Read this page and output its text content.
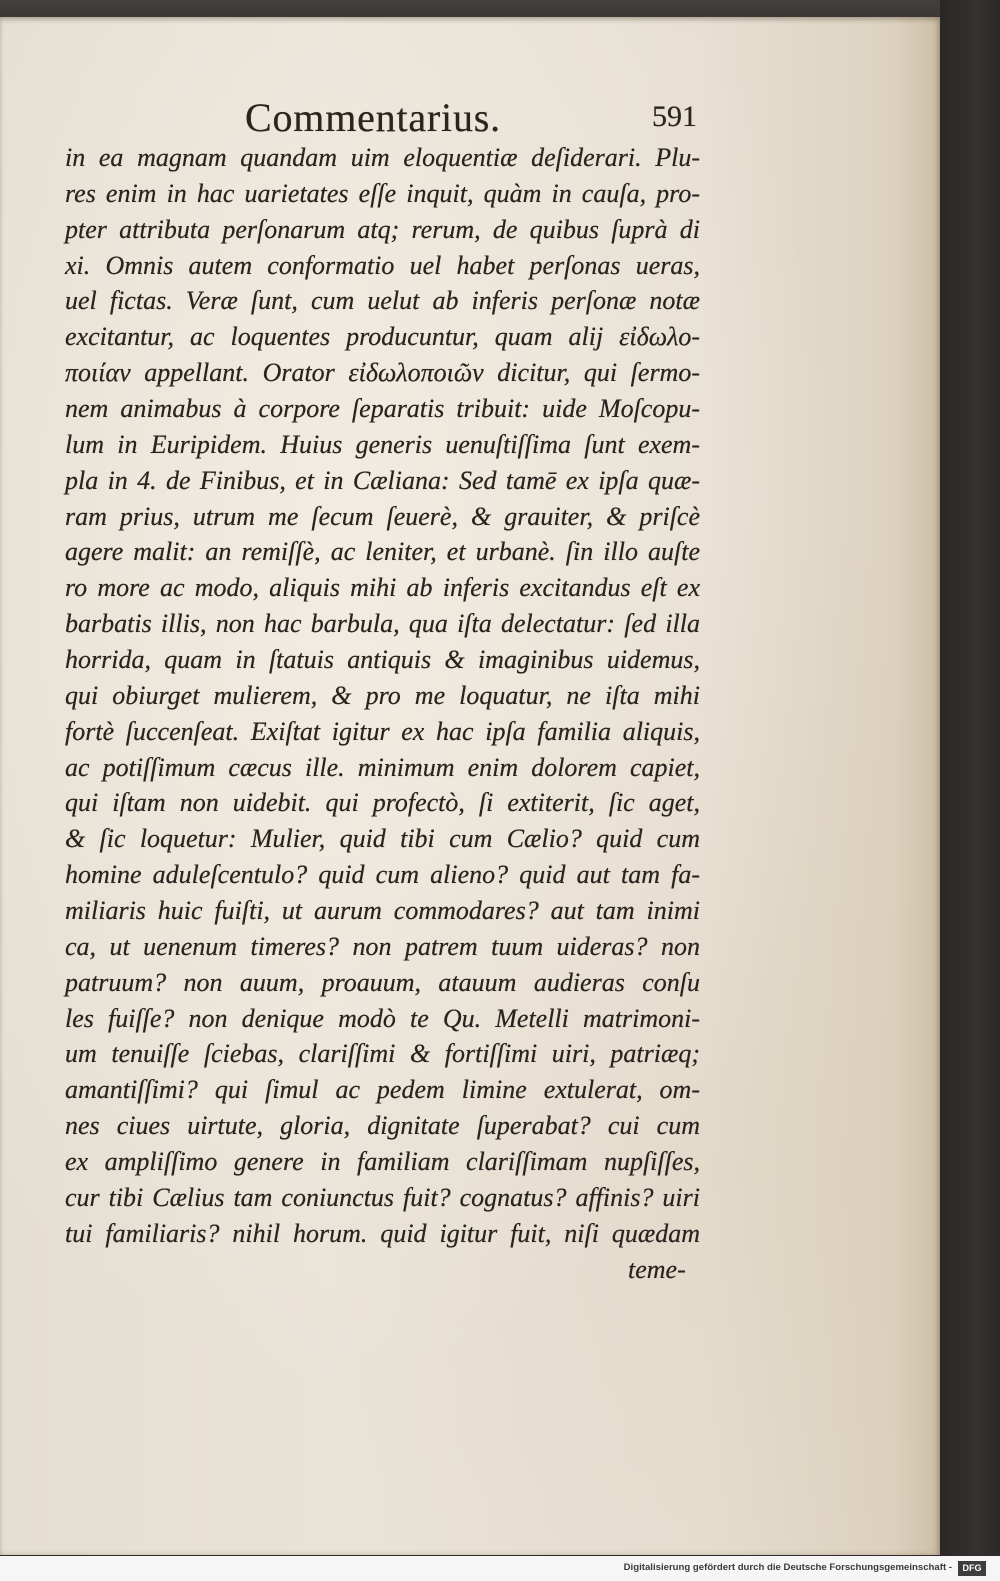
Commentarius.	591
in ea magnam quandam uim eloquentiæ deſiderari. Plu-
res enim in hac uarietates eſſe inquit, quàm in cauſa, pro-
pter attributa perſonarum atq; rerum, de quibus ſuprà di
xi. Omnis autem conformatio uel habet perſonas ueras,
uel fictas. Veræ ſunt, cum uelut ab inferis perſonæ notæ
excitantur, ac loquentes producuntur, quam alij εἰδωλο-
ποιίαν appellant. Orator εἰδωλοποιῶν dicitur, qui ſermo-
nem animabus à corpore ſeparatis tribuit: uide Moſcopu-
lum in Euripidem. Huius generis uenuſtiſſima ſunt exem-
pla in 4. de Finibus, et in Cæliana: Sed tamē ex ipſa quæ-
ram prius, utrum me ſecum ſeuerè, & grauiter, & priſcè
agere malit: an remiſſè, ac leniter, et urbanè. ſin illo auſte
ro more ac modo, aliquis mihi ab inferis excitandus eſt ex
barbatis illis, non hac barbula, qua iſta delectatur: ſed illa
horrida, quam in ſtatuis antiquis & imaginibus uidemus,
qui obiurget mulierem, & pro me loquatur, ne iſta mihi
fortè ſuccenſeat. Exiſtat igitur ex hac ipſa familia aliquis,
ac potiſſimum cæcus ille. minimum enim dolorem capiet,
qui iſtam non uidebit. qui profectò, ſi extiterit, ſic aget,
& ſic loquetur: Mulier, quid tibi cum Cælio? quid cum
homine aduleſcentulo? quid cum alieno? quid aut tam fa-
miliaris huic fuiſti, ut aurum commodares? aut tam inimi
ca, ut uenenum timeres? non patrem tuum uideras? non
patruum? non auum, proauum, atauum audieras conſu
les fuiſſe? non denique modò te Qu. Metelli matrimoni-
um tenuiſſe ſciebas, clariſſimi & fortiſſimi uiri, patriæq;
amantiſſimi? qui ſimul ac pedem limine extulerat, om-
nes ciues uirtute, gloria, dignitate ſuperabat? cui cum
ex ampliſſimo genere in familiam clariſſimam nupſiſſes,
cur tibi Cælius tam coniunctus fuit? cognatus? affinis? uiri
tui familiaris? nihil horum. quid igitur fuit, niſi quædam
teme-
Digitalisierung gefördert durch die Deutsche Forschungsgemeinschaft -	DFG
